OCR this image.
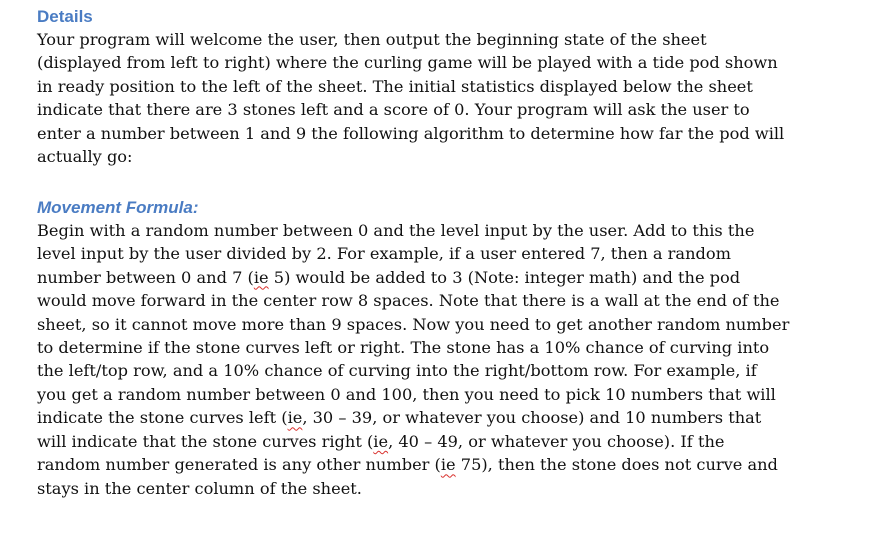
Details

Your program will welcome the user, then output the beginning state of the sheet
(displayed from left to right) where the curling game will be played with a tide pod shown
in ready position to the left of the sheet. The initial statistics displayed below the sheet
indicate that there are 3 stones left and a score of 0. Your program will ask the user to
enter a number between 1 and 9 the following algorithm to determine how far the pod will
actually go:

Movement Formula:

Begin with a random number between 0 and the level input by the user. Add to this the
level input by the user divided by 2. For example, if a user entered 7, then a random
number between 0 and 7 (ie 5) would be added to 3 (Note: integer math) and the pod
would move forward in the center row 8 spaces. Note that there is a wall at the end of the
sheet, so it cannot move more than 9 spaces. Now you need to get another random number
to determine if the stone curves left or right. The stone has a 10% chance of curving into
the left/top row, and a 10% chance of curving into the right/bottom row. For example, if
you get a random number between 0 and 100, then you need to pick 10 numbers that will
indicate the stone curves left (ie, 30 – 39, or whatever you choose) and 10 numbers that
will indicate that the stone curves right (ie, 40 – 49, or whatever you choose). If the
random number generated is any other number (ie 75), then the stone does not curve and
stays in the center column of the sheet.
